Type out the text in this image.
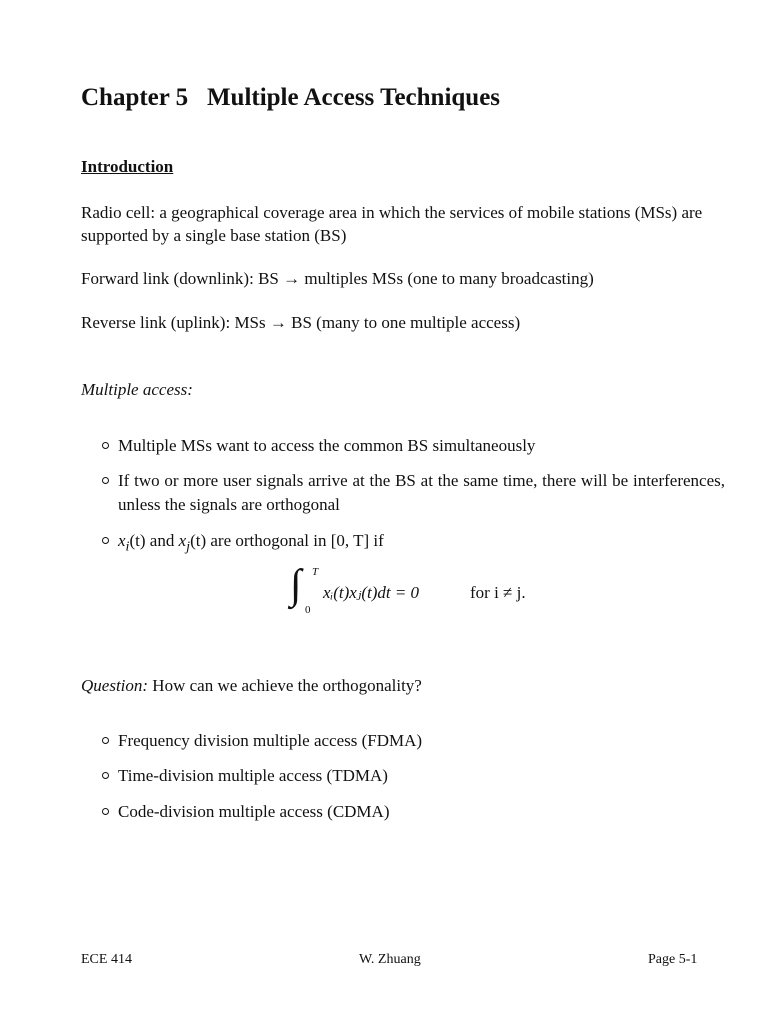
Chapter 5 Multiple Access Techniques
Introduction
Radio cell: a geographical coverage area in which the services of mobile stations (MSs) are supported by a single base station (BS)
Forward link (downlink): BS → multiples MSs (one to many broadcasting)
Reverse link (uplink): MSs → BS (many to one multiple access)
Multiple access:
Multiple MSs want to access the common BS simultaneously
If two or more user signals arrive at the BS at the same time, there will be interferences, unless the signals are orthogonal
$x_i(t)$ and $x_j(t)$ are orthogonal in [0, T] if
∫ T
0
xᵢ(t)xⱼ(t)dt = 0	for i ≠ j.
Question: How can we achieve the orthogonality?
Frequency division multiple access (FDMA)
Time-division multiple access (TDMA)
Code-division multiple access (CDMA)
ECE 414	W. Zhuang	Page 5-1
